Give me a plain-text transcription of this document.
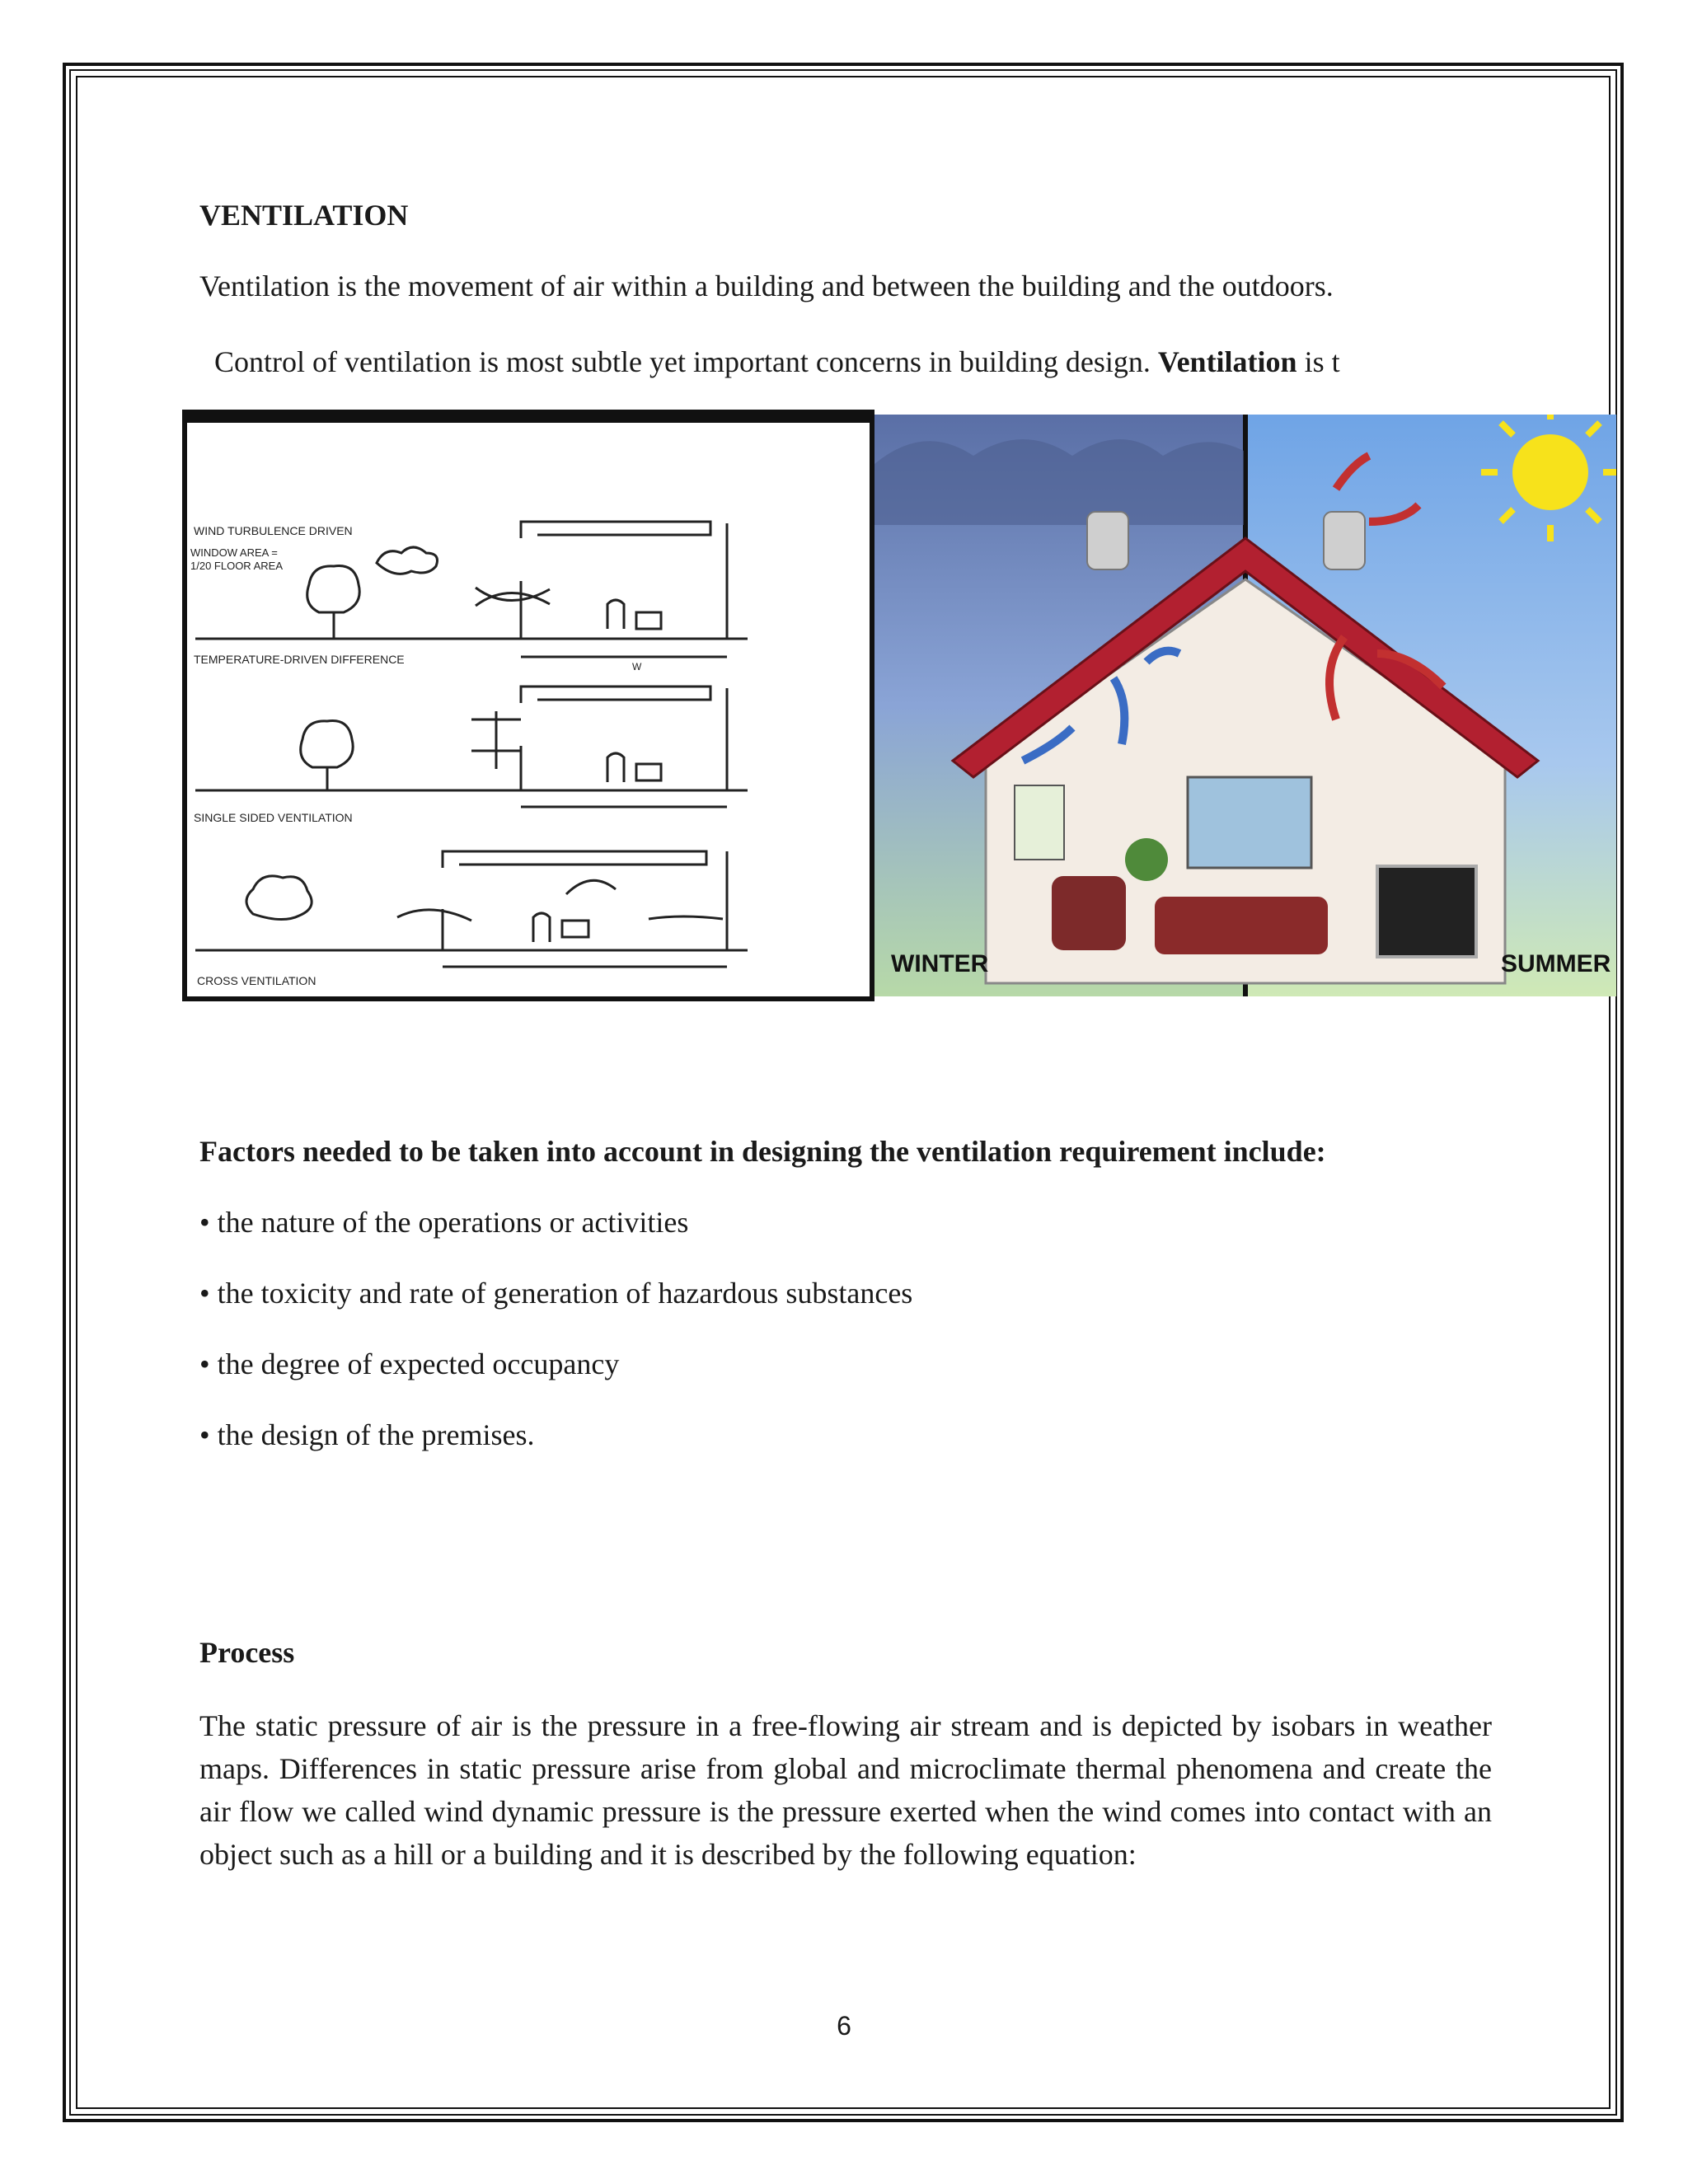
VENTILATION
Ventilation is the movement of air within a building and between the building and the outdoors.
Control of ventilation is most subtle yet important concerns in building design. Ventilation is t
WIND TURBULENCE DRIVEN
WINDOW AREA =
1/20 FLOOR AREA
W
TEMPERATURE-DRIVEN DIFFERENCE
SINGLE SIDED VENTILATION
CROSS VENTILATION
WINTER	SUMMER
Factors needed to be taken into account in designing the ventilation requirement include:
• the nature of the operations or activities
• the toxicity and rate of generation of hazardous substances
• the degree of expected occupancy
• the design of the premises.
Process
The static pressure of air is the pressure in a free-flowing air stream and is depicted by isobars in weather maps. Differences in static pressure arise from global and microclimate thermal phenomena and create the air flow we called wind dynamic pressure is the pressure exerted when the wind comes into contact with an object such as a hill or a building and it is described by the following equation:
6
